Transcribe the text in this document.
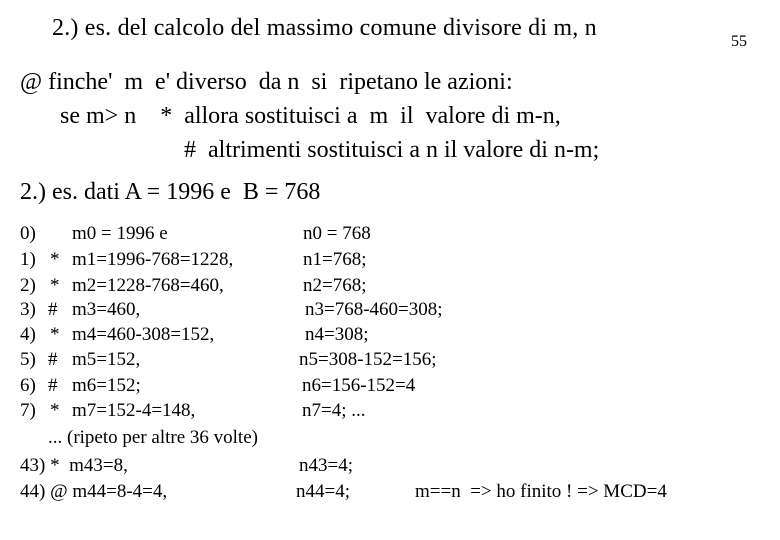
2.) es. del calcolo del massimo comune divisore di m, n
55
@ finche'  m  e' diverso  da n  si  ripetano le azioni:
se m> n    *  allora sostituisci a  m  il  valore di m-n,
#  altrimenti sostituisci a n il valore di n-m;
2.) es. dati A = 1996 e  B = 768
0) m0 = 1996 e	n0 = 768
1) * m1=1996-768=1228,	n1=768;
2) * m2=1228-768=460,	n2=768;
3) # m3=460,	n3=768-460=308;
4) * m4=460-308=152,	n4=308;
5) # m5=152,	n5=308-152=156;
6) # m6=152;	n6=156-152=4
7) * m7=152-4=148,	n7=4; ...
... (ripeto per altre 36 volte)
43) *  m43=8,	n43=4;
44) @ m44=8-4=4,	n44=4;	m==n  => ho finito ! => MCD=4
